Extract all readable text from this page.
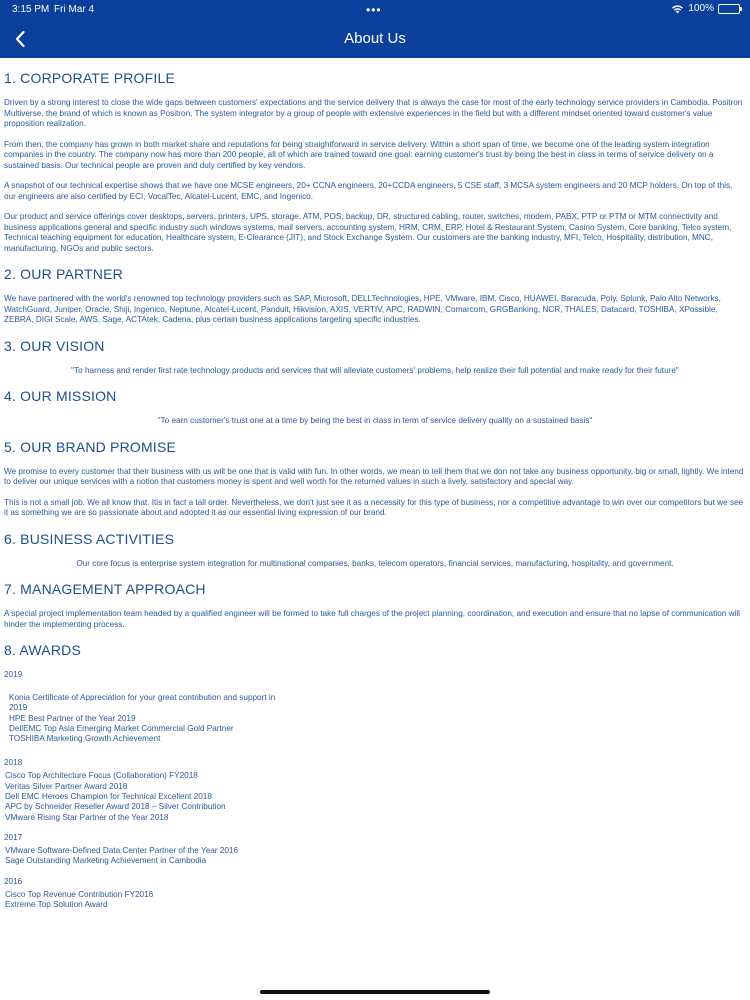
3:15 PM Fri Mar 4	•••	100%
About Us
1. CORPORATE PROFILE

Driven by a strong interest to close the wide gaps between customers' expectations and the service delivery that is always the case for most of the early technology service providers in Cambodia. Positron Multiverse, the brand of which is known as Positron, The system integrator by a group of people with extensive experiences in the field but with a different mindset oriented toward customer's value proposition realization.

From then, the company has grown in both market share and reputations for being straightforward in service delivery. Within a short span of time, we become one of the leading system integration companies in the country. The company now has more than 200 people, all of which are trained toward one goal: earning customer's trust by being the best in class in terms of service delivery on a sustained basis. Our technical people are proven and duly certified by key vendors.

A snapshot of our technical expertise shows that we have one MCSE engineers, 20+ CCNA engineers, 20+CCDA engineers, 5 CSE staff, 3 MCSA system engineers and 20 MCP holders. On top of this, our engineers are also certified by ECI, VocalTec, Alcatel-Lucent, EMC, and Ingenico.

Our product and service offerings cover desktops, servers, printers, UPS, storage, ATM, POS, backup, DR, structured cabling, router, switches, modem, PABX, PTP or PTM or MTM connectivity and business applications general and specific industry such windows systems, mail servers, accounting system, HRM, CRM, ERP, Hotel & Restaurant System, Casino System, Core banking, Telco system, Technical teaching equipment for education, Healthcare system, E-Clearance (JIT), and Stock Exchange System. Our customers are the banking industry, MFI, Telco, Hospitality, distribution, MNC, manufacturing, NGOs and public sectors.

2. OUR PARTNER

We have partnered with the world's renowned top technology providers such as SAP, Microsoft, DELLTechnologies, HPE, VMware, IBM, Cisco, HUAWEI, Baracuda, Poly, Splunk, Palo Alto Networks, WatchGuard, Juniper, Oracle, Shiji, Ingenico, Neptune, Alcatel-Lucent, Panduit, Hikvision, AXIS, VERTIV, APC, RADWIN, Comarcom, GRGBanking, NCR, THALES, Datacard, TOSHIBA, XPossible, ZEBRA, DIGI Scale, AWS, Sage, ACTAtek, Cadena, plus certain business applications targeting specific industries.

3. OUR VISION

"To harness and render first rate technology products and services that will alleviate customers' problems, help realize their full potential and make ready for their future"

4. OUR MISSION

"To earn customer's trust one at a time by being the best in class in term of service delivery quality on a sustained basis"

5. OUR BRAND PROMISE

We promise to every customer that their business with us will be one that is valid with fun. In other words, we mean to tell them that we don not take any business opportunity, big or small, lightly. We intend to deliver our unique services with a notion that customers money is spent and well worth for the returned values in such a lively, satisfactory and special way.

This is not a small job. We all know that. Itis in fact a tall order. Nevertheless, we don't just see it as a necessity for this type of business, nor a competitive advantage to win over our competitors but we see it as something we are so passionate about and adopted it as our essential living expression of our brand.

6. BUSINESS ACTIVITIES

Our core focus is enterprise system integration for multinational companies, banks, telecom operators, financial services, manufacturing, hospitality, and government.

7. MANAGEMENT APPROACH

A special project implementation team headed by a qualified engineer will be formed to take full charges of the project planning, coordination, and execution and ensure that no lapse of communication will hinder the implementing process.

8. AWARDS
2019
Konia Certificate of Appreciation for your great contribution and support in 2019
HPE Best Partner of the Year 2019
DellEMC Top Asia Emerging Market Commercial Gold Partner
TOSHIBA Marketing Growth Achievement
2018
Cisco Top Architecture Focus (Collaboration) FY2018
Veritas Silver Partner Award 2018
Dell EMC Heroes Champion for Technical Excellent 2018
APC by Schneider Reseller Award 2018 – Silver Contribution
VMware Rising Star Partner of the Year 2018
2017
VMware Software-Defined Data Center Partner of the Year 2016
Sage Outstanding Marketing Achievement in Cambodia
2016
Cisco Top Revenue Contribution FY2016
Extreme Top Solution Award
